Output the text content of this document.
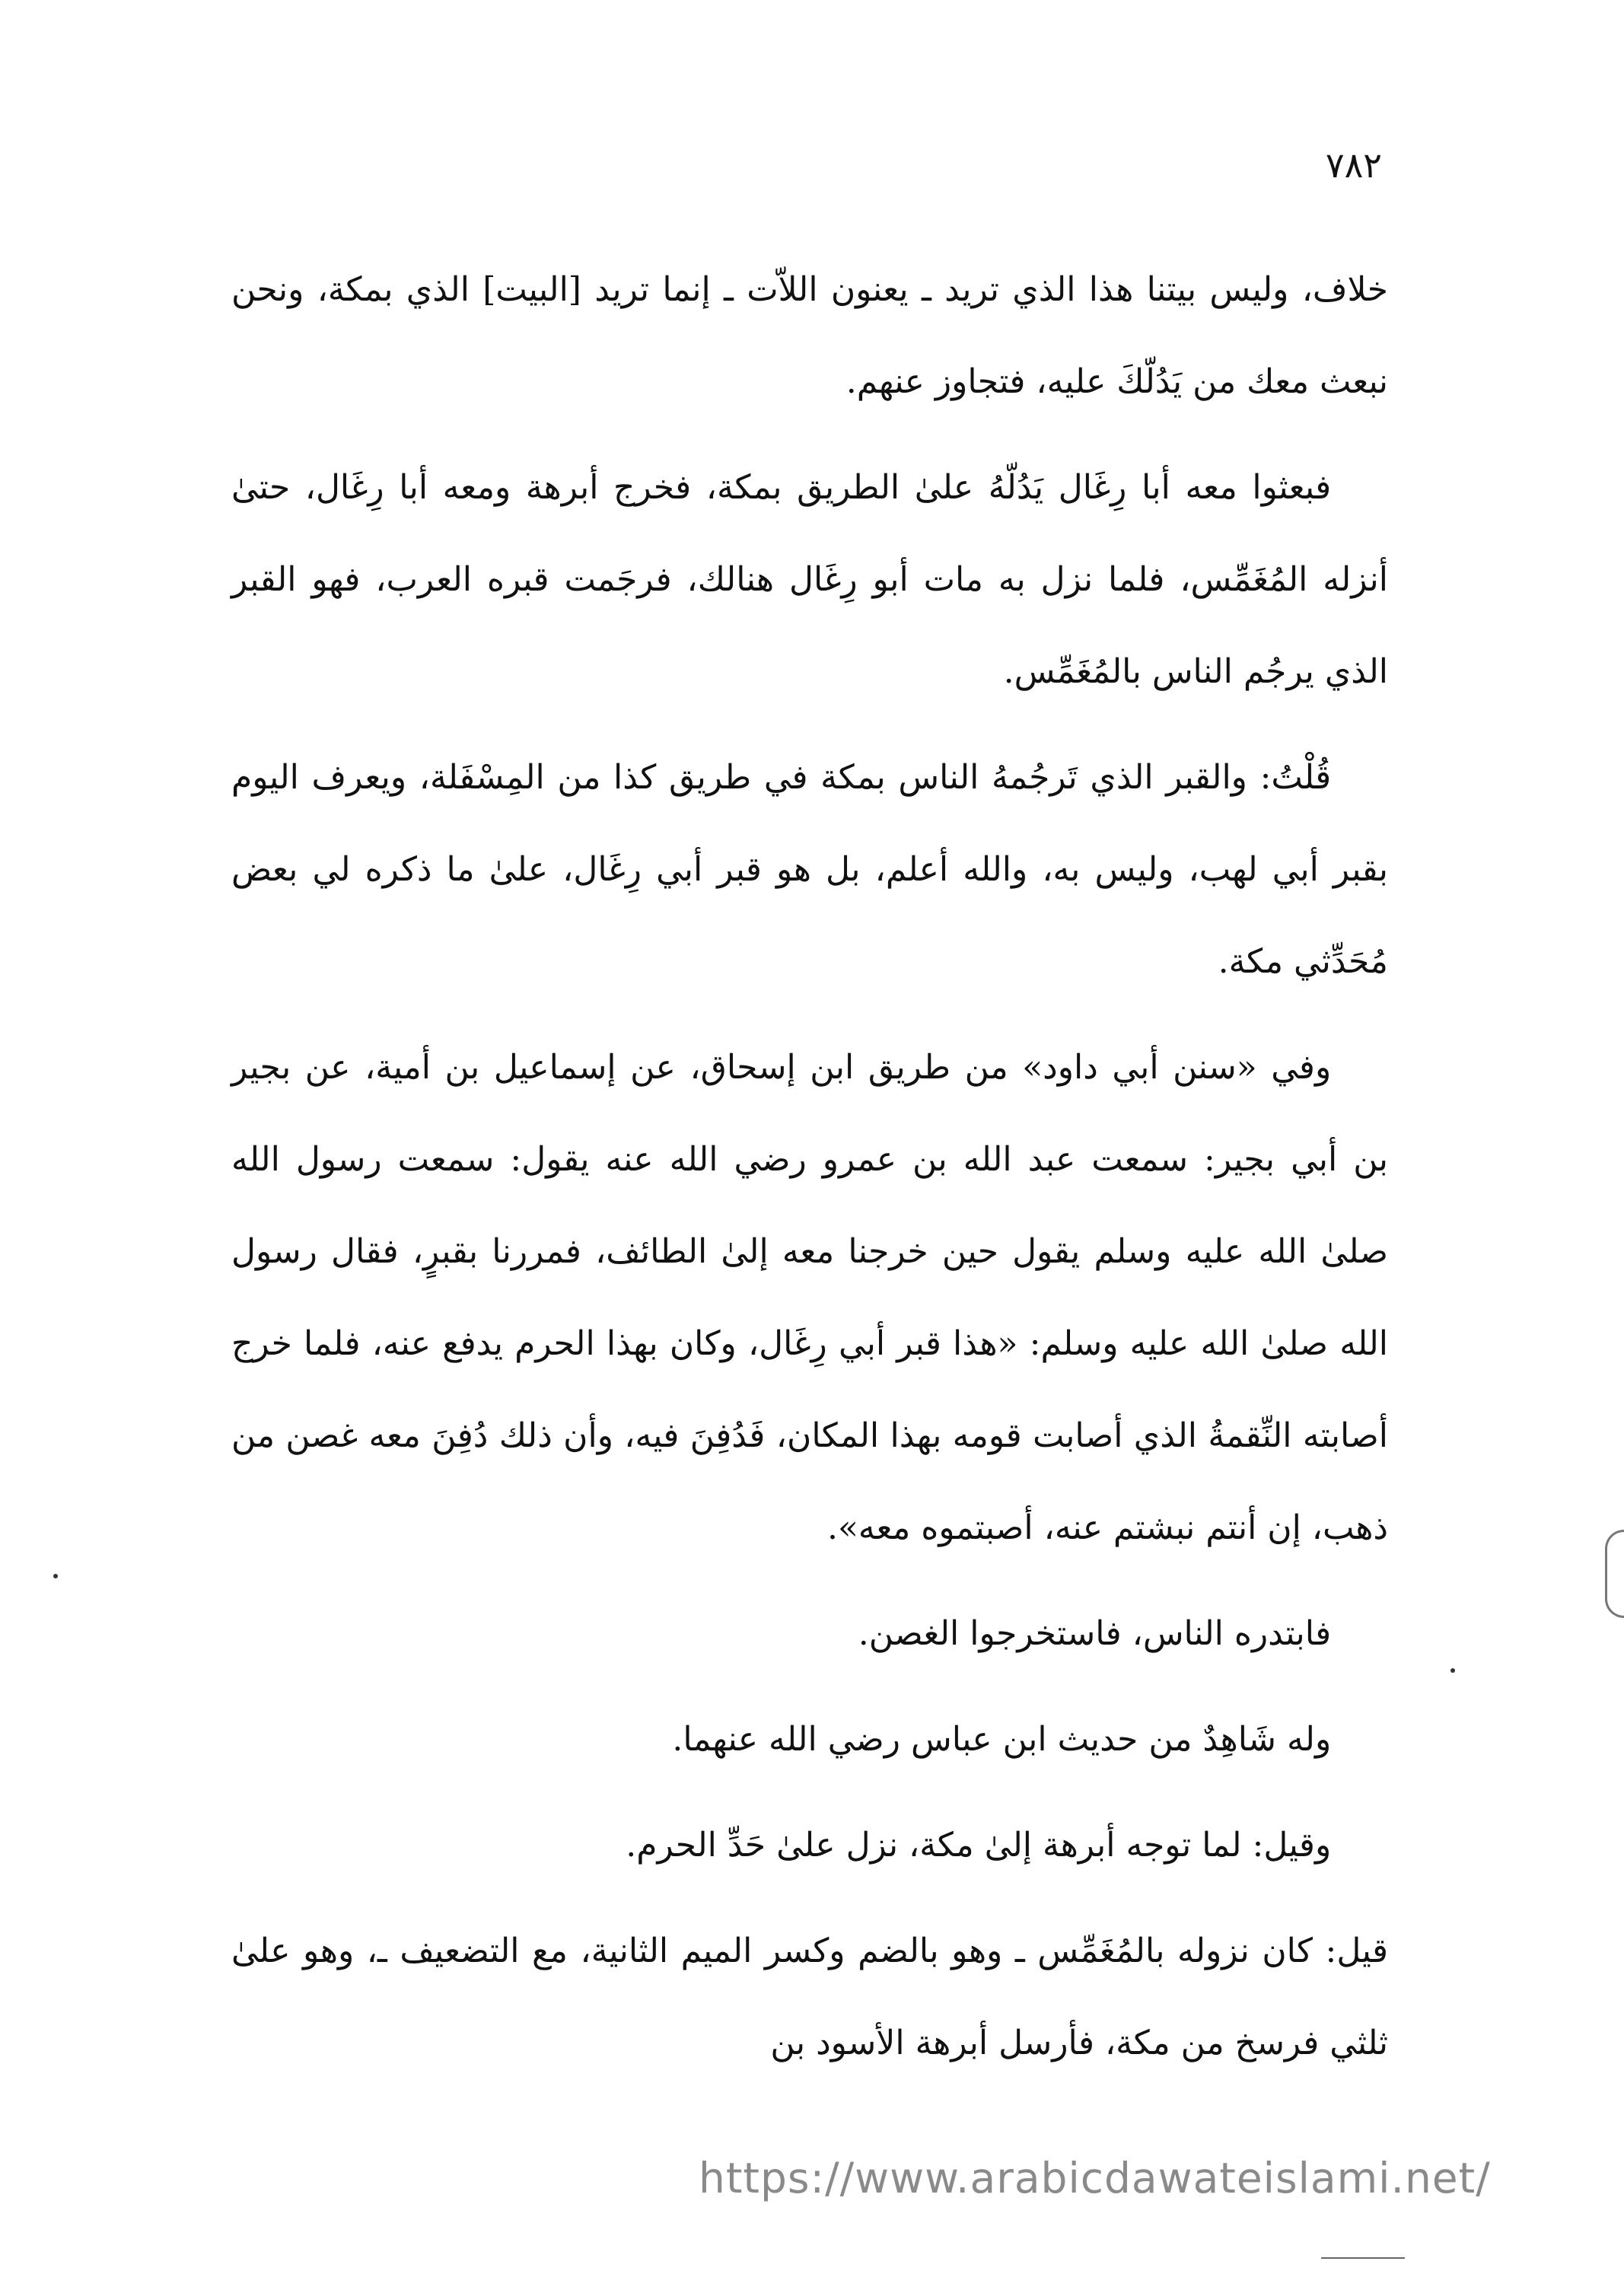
٧٨٢

خلاف، وليس بيتنا هذا الذي تريد ـ يعنون اللاّت ـ إنما تريد [البيت] الذي بمكة، ونحن نبعث معك من يَدُلّكَ عليه، فتجاوز عنهم.

فبعثوا معه أبا رِغَال يَدُلّهُ علىٰ الطريق بمكة، فخرج أبرهة ومعه أبا رِغَال، حتىٰ أنزله المُغَمِّس، فلما نزل به مات أبو رِغَال هنالك، فرجَمت قبره العرب، فهو القبر الذي يرجُم الناس بالمُغَمِّس.

قُلْتُ: والقبر الذي تَرجُمهُ الناس بمكة في طريق كذا من المِسْفَلة، ويعرف اليوم بقبر أبي لهب، وليس به، والله أعلم، بل هو قبر أبي رِغَال، علىٰ ما ذكره لي بعض مُحَدِّثي مكة.

وفي «سنن أبي داود» من طريق ابن إسحاق، عن إسماعيل بن أمية، عن بجير بن أبي بجير: سمعت عبد الله بن عمرو رضي الله عنه يقول: سمعت رسول الله صلىٰ الله عليه وسلم يقول حين خرجنا معه إلىٰ الطائف، فمررنا بقبرٍ، فقال رسول الله صلىٰ الله عليه وسلم: «هذا قبر أبي رِغَال، وكان بهذا الحرم يدفع عنه، فلما خرج أصابته النِّقمةُ الذي أصابت قومه بهذا المكان، فَدُفِنَ فيه، وأن ذلك دُفِنَ معه غصن من ذهب، إن أنتم نبشتم عنه، أصبتموه معه».

فابتدره الناس، فاستخرجوا الغصن.

وله شَاهِدٌ من حديث ابن عباس رضي الله عنهما.

وقيل: لما توجه أبرهة إلىٰ مكة، نزل علىٰ حَدِّ الحرم.

قيل: كان نزوله بالمُغَمِّس ـ وهو بالضم وكسر الميم الثانية، مع التضعيف ـ، وهو علىٰ ثلثي فرسخ من مكة، فأرسل أبرهة الأسود بن

https://www.arabicdawateislami.net/
